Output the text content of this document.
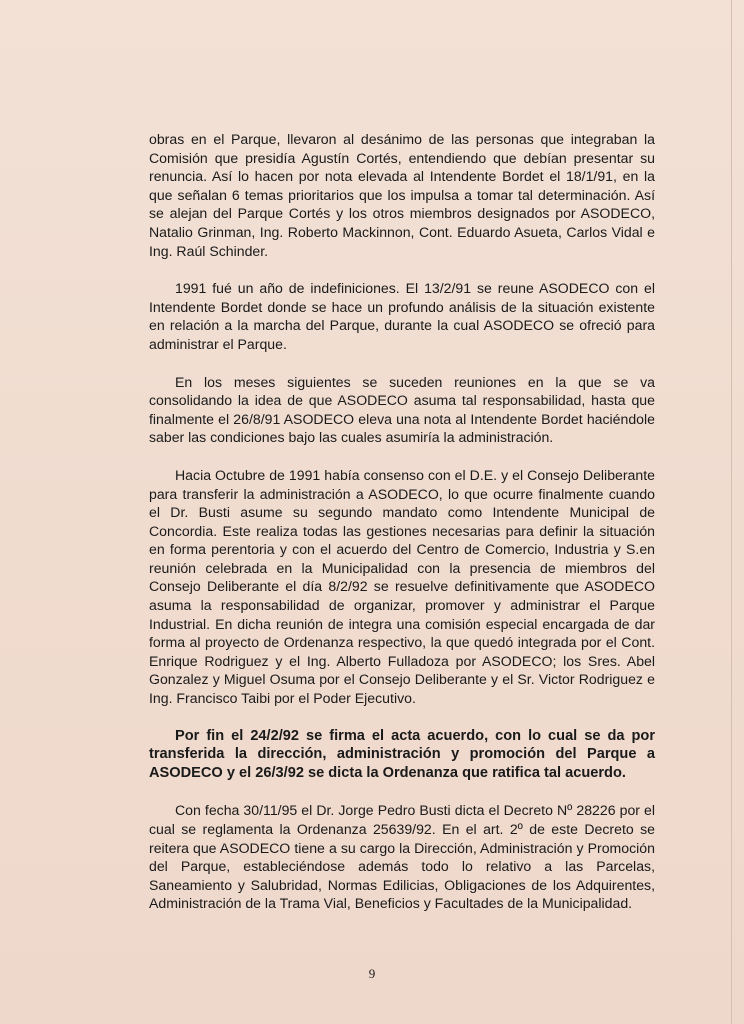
obras en el Parque, llevaron al desánimo de las personas que integraban la Comisión que presidía Agustín Cortés, entendiendo que debían presentar su renuncia. Así lo hacen por nota elevada al Intendente Bordet el 18/1/91, en la que señalan 6 temas prioritarios que los impulsa a tomar tal determinación. Así se alejan del Parque Cortés y los otros miembros designados por ASODECO, Natalio Grinman, Ing. Roberto Mackinnon, Cont. Eduardo Asueta, Carlos Vidal e Ing. Raúl Schinder.

1991 fué un año de indefiniciones. El 13/2/91 se reune ASODECO con el Intendente Bordet donde se hace un profundo análisis de la situación existente en relación a la marcha del Parque, durante la cual ASODECO se ofreció para administrar el Parque.

En los meses siguientes se suceden reuniones en la que se va consolidando la idea de que ASODECO asuma tal responsabilidad, hasta que finalmente el 26/8/91 ASODECO eleva una nota al Intendente Bordet haciéndole saber las condiciones bajo las cuales asumiría la administración.

Hacia Octubre de 1991 había consenso con el D.E. y el Consejo Deliberante para transferir la administración a ASODECO, lo que ocurre finalmente cuando el Dr. Busti asume su segundo mandato como Intendente Municipal de Concordia. Este realiza todas las gestiones necesarias para definir la situación en forma perentoria y con el acuerdo del Centro de Comercio, Industria y S.en reunión celebrada en la Municipalidad con la presencia de miembros del Consejo Deliberante el día 8/2/92 se resuelve definitivamente que ASODECO asuma la responsabilidad de organizar, promover y administrar el Parque Industrial. En dicha reunión de integra una comisión especial encargada de dar forma al proyecto de Ordenanza respectivo, la que quedó integrada por el Cont. Enrique Rodriguez y el Ing. Alberto Fulladoza por ASODECO; los Sres. Abel Gonzalez y Miguel Osuma por el Consejo Deliberante y el Sr. Victor Rodriguez e Ing. Francisco Taibi por el Poder Ejecutivo.

Por fin el 24/2/92 se firma el acta acuerdo, con lo cual se da por transferida la dirección, administración y promoción del Parque a ASODECO y el 26/3/92 se dicta la Ordenanza que ratifica tal acuerdo.

Con fecha 30/11/95 el Dr. Jorge Pedro Busti dicta el Decreto Nº 28226 por el cual se reglamenta la Ordenanza 25639/92. En el art. 2º de este Decreto se reitera que ASODECO tiene a su cargo la Dirección, Administración y Promoción del Parque, estableciéndose además todo lo relativo a las Parcelas, Saneamiento y Salubridad, Normas Edilicias, Obligaciones de los Adquirentes, Administración de la Trama Vial, Beneficios y Facultades de la Municipalidad.

9
